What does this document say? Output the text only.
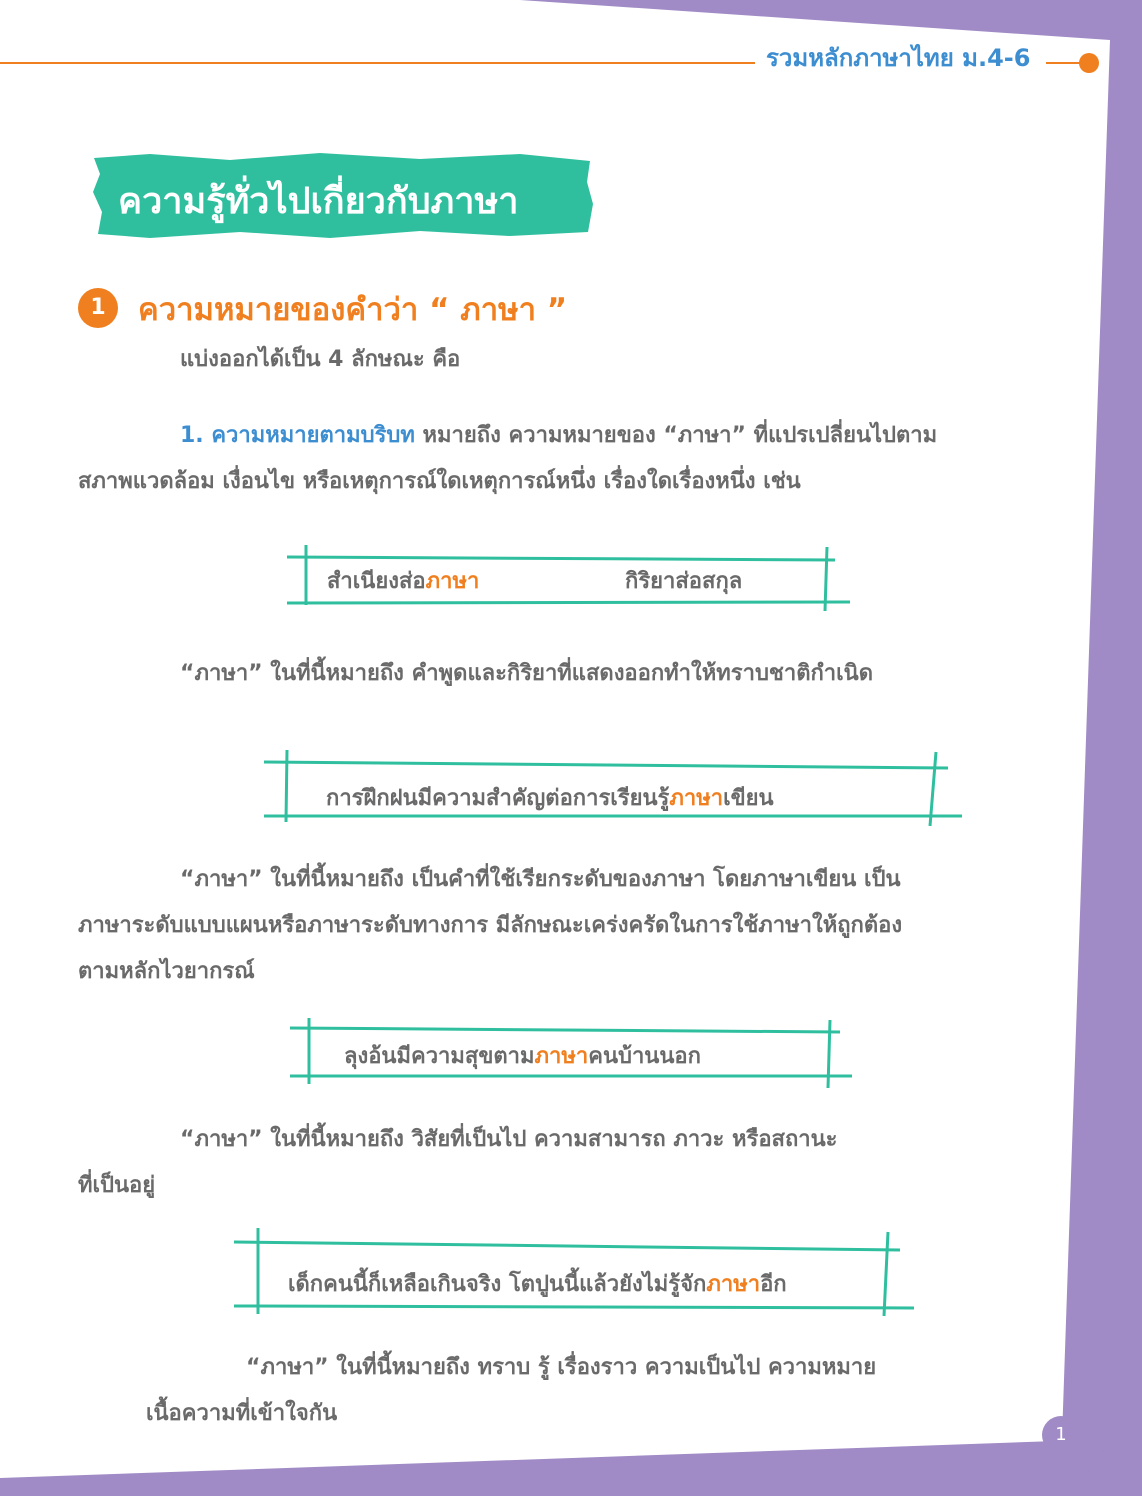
รวมหลักภาษาไทย ม.4-6
ความรู้ทั่วไปเกี่ยวกับภาษา
1	ความหมายของคำว่า “ ภาษา ”
แบ่งออกได้เป็น 4 ลักษณะ คือ
1. ความหมายตามบริบท หมายถึง ความหมายของ “ภาษา” ที่แปรเปลี่ยนไปตาม
สภาพแวดล้อม เงื่อนไข หรือเหตุการณ์ใดเหตุการณ์หนึ่ง เรื่องใดเรื่องหนึ่ง เช่น
สำเนียงส่อภาษา	กิริยาส่อสกุล
“ภาษา” ในที่นี้หมายถึง คำพูดและกิริยาที่แสดงออกทำให้ทราบชาติกำเนิด
การฝึกฝนมีความสำคัญต่อการเรียนรู้ภาษาเขียน
“ภาษา” ในที่นี้หมายถึง เป็นคำที่ใช้เรียกระดับของภาษา โดยภาษาเขียน เป็น
ภาษาระดับแบบแผนหรือภาษาระดับทางการ มีลักษณะเคร่งครัดในการใช้ภาษาให้ถูกต้อง
ตามหลักไวยากรณ์
ลุงอ้นมีความสุขตามภาษาคนบ้านนอก
“ภาษา” ในที่นี้หมายถึง วิสัยที่เป็นไป ความสามารถ ภาวะ หรือสถานะ
ที่เป็นอยู่
เด็กคนนี้ก็เหลือเกินจริง โตปูนนี้แล้วยังไม่รู้จักภาษาอีก
“ภาษา” ในที่นี้หมายถึง ทราบ รู้ เรื่องราว ความเป็นไป ความหมาย
เนื้อความที่เข้าใจกัน
1
ธ
ก ะ
